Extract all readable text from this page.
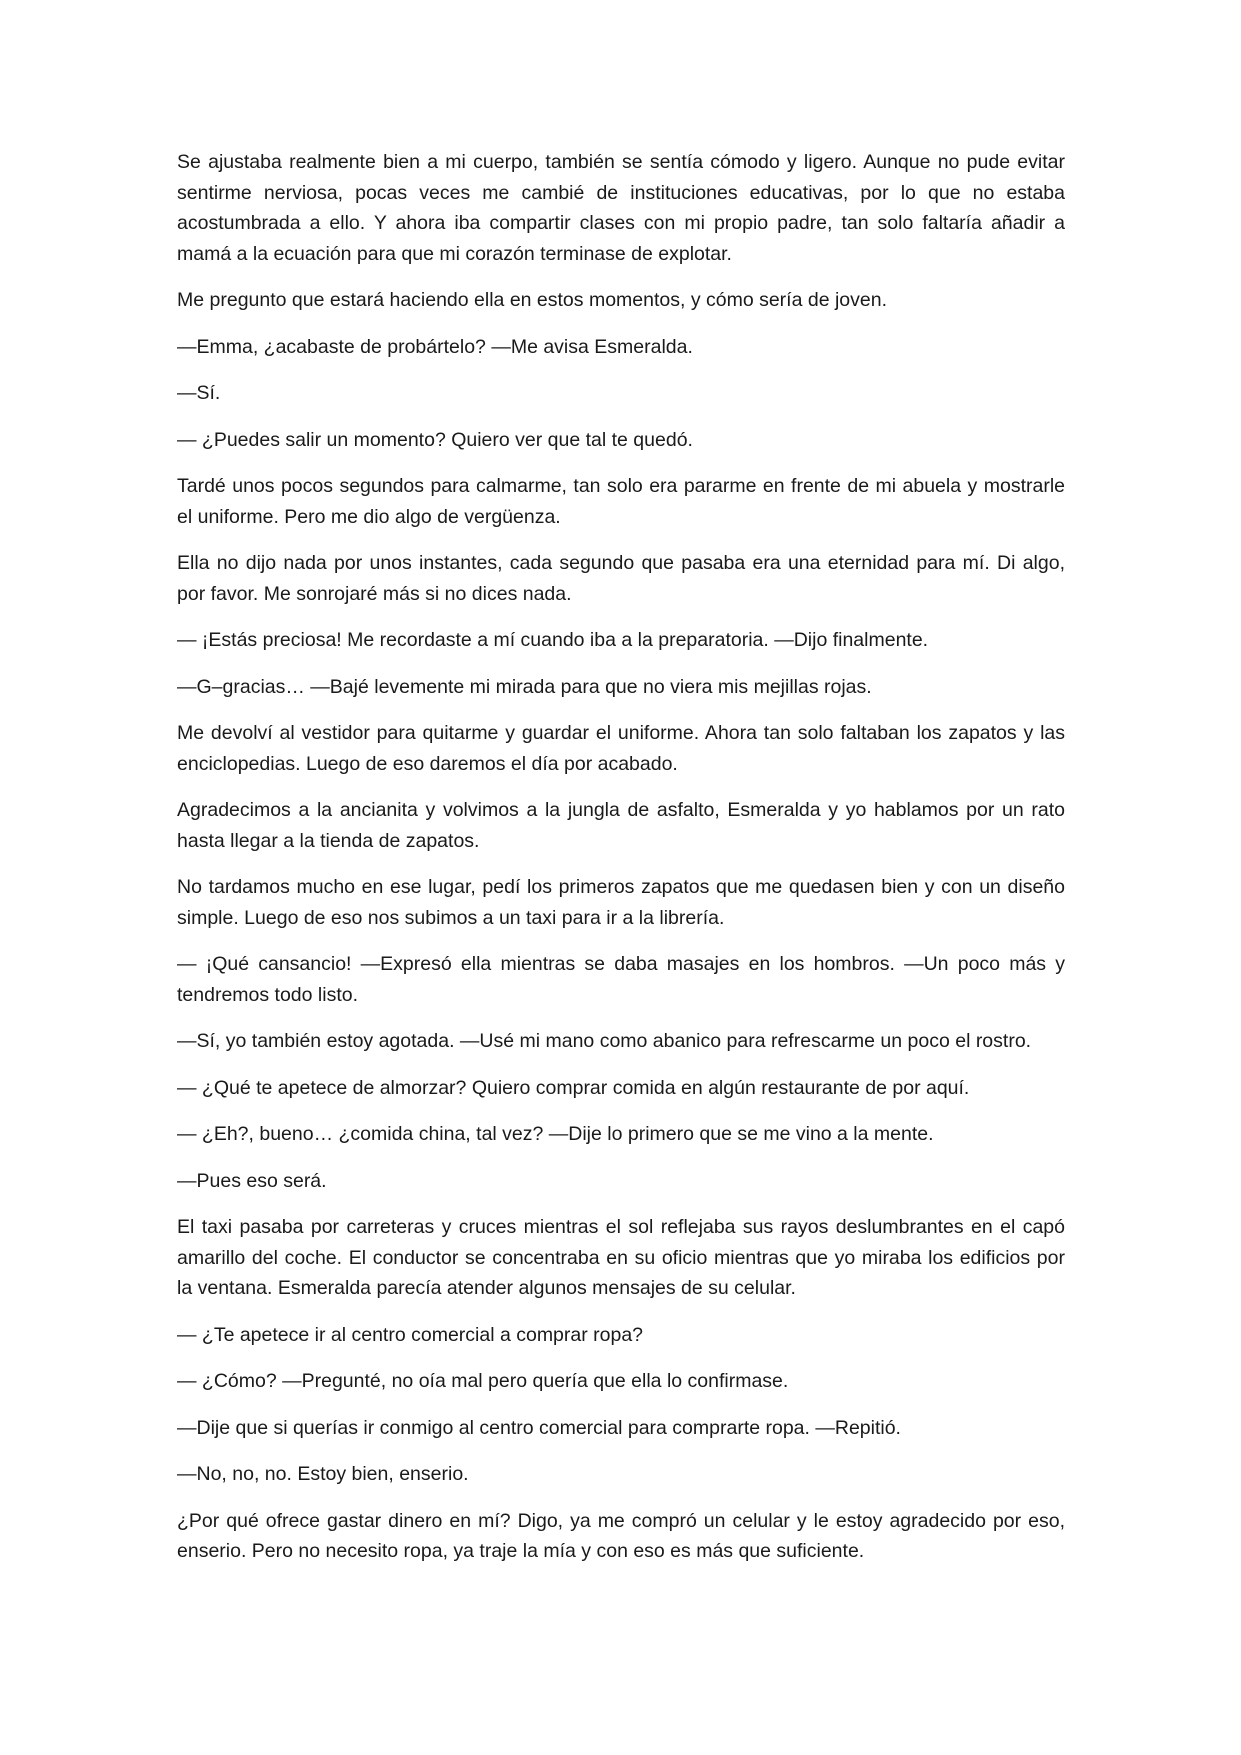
Se ajustaba realmente bien a mi cuerpo, también se sentía cómodo y ligero. Aunque no pude evitar sentirme nerviosa, pocas veces me cambié de instituciones educativas, por lo que no estaba acostumbrada a ello. Y ahora iba compartir clases con mi propio padre, tan solo faltaría añadir a mamá a la ecuación para que mi corazón terminase de explotar.

Me pregunto que estará haciendo ella en estos momentos, y cómo sería de joven.

—Emma, ¿acabaste de probártelo? —Me avisa Esmeralda.

—Sí.

— ¿Puedes salir un momento? Quiero ver que tal te quedó.

Tardé unos pocos segundos para calmarme, tan solo era pararme en frente de mi abuela y mostrarle el uniforme. Pero me dio algo de vergüenza.

Ella no dijo nada por unos instantes, cada segundo que pasaba era una eternidad para mí. Di algo, por favor. Me sonrojaré más si no dices nada.

— ¡Estás preciosa! Me recordaste a mí cuando iba a la preparatoria. —Dijo finalmente.

—G–gracias… —Bajé levemente mi mirada para que no viera mis mejillas rojas.

Me devolví al vestidor para quitarme y guardar el uniforme. Ahora tan solo faltaban los zapatos y las enciclopedias. Luego de eso daremos el día por acabado.

Agradecimos a la ancianita y volvimos a la jungla de asfalto, Esmeralda y yo hablamos por un rato hasta llegar a la tienda de zapatos.

No tardamos mucho en ese lugar, pedí los primeros zapatos que me quedasen bien y con un diseño simple. Luego de eso nos subimos a un taxi para ir a la librería.

— ¡Qué cansancio! —Expresó ella mientras se daba masajes en los hombros. —Un poco más y tendremos todo listo.

—Sí, yo también estoy agotada. —Usé mi mano como abanico para refrescarme un poco el rostro.

— ¿Qué te apetece de almorzar? Quiero comprar comida en algún restaurante de por aquí.

— ¿Eh?, bueno… ¿comida china, tal vez? —Dije lo primero que se me vino a la mente.

—Pues eso será.

El taxi pasaba por carreteras y cruces mientras el sol reflejaba sus rayos deslumbrantes en el capó amarillo del coche. El conductor se concentraba en su oficio mientras que yo miraba los edificios por la ventana. Esmeralda parecía atender algunos mensajes de su celular.

— ¿Te apetece ir al centro comercial a comprar ropa?

— ¿Cómo? —Pregunté, no oía mal pero quería que ella lo confirmase.

—Dije que si querías ir conmigo al centro comercial para comprarte ropa. —Repitió.

—No, no, no. Estoy bien, enserio.

¿Por qué ofrece gastar dinero en mí? Digo, ya me compró un celular y le estoy agradecido por eso, enserio. Pero no necesito ropa, ya traje la mía y con eso es más que suficiente.
